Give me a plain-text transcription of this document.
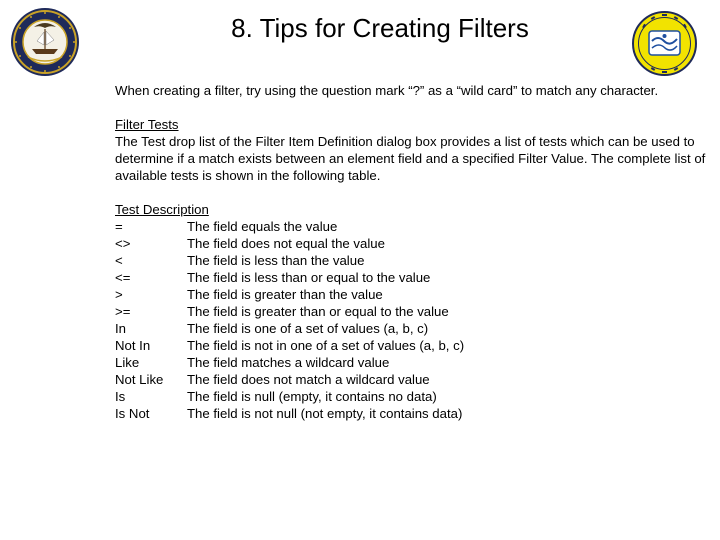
8. Tips for Creating Filters

When creating a filter, try using the question mark “?” as a “wild card” to match any character.

Filter Tests

The Test drop list of the Filter Item Definition dialog box provides a list of tests which can be used to determine if a match exists between an element field and a specified Filter Value. The complete list of available tests is shown in the following table.

Test Description

=	The field equals the value
<>	The field does not equal the value
<	The field is less than the value
<=	The field is less than or equal to the value
>	The field is greater than the value
>=	The field is greater than or equal to the value
In	The field is one of a set of values (a, b, c)
Not In	The field is not in one of a set of values (a, b, c)
Like	The field matches a wildcard value
Not Like	The field does not match a wildcard value
Is	The field is null (empty, it contains no data)
Is Not	The field is not null (not empty, it contains data)
